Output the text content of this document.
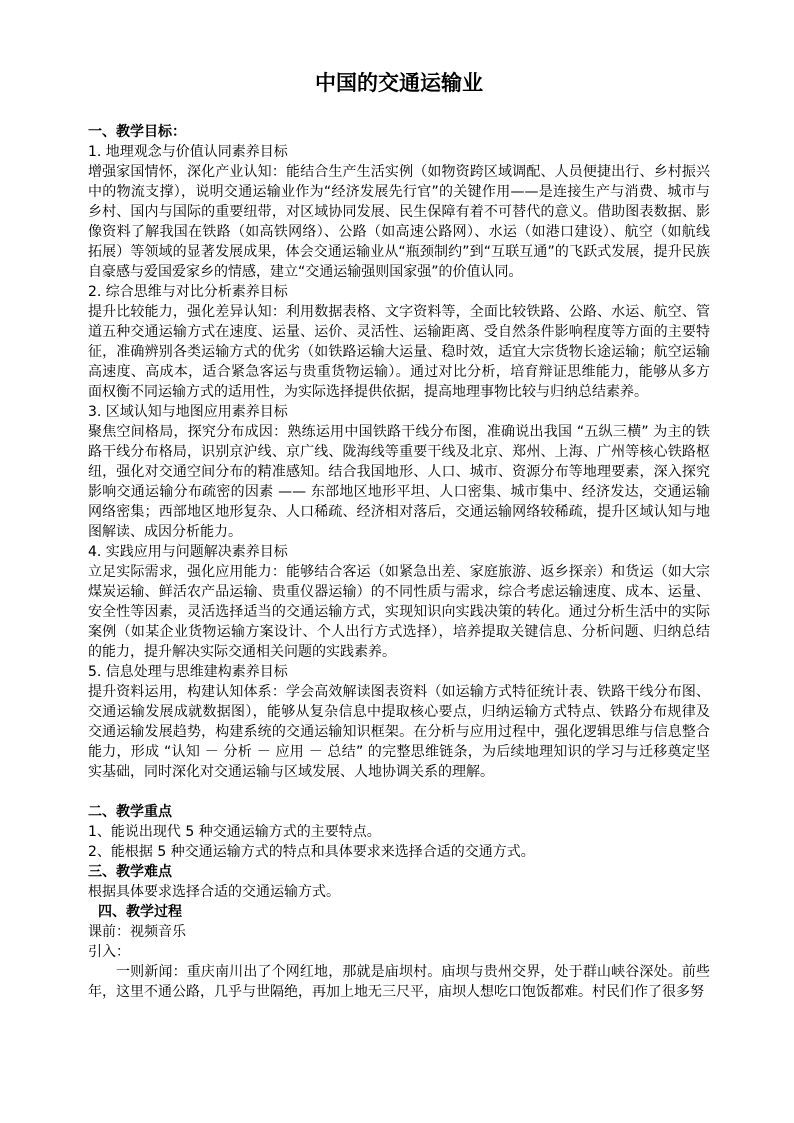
中国的交通运输业

一、教学目标：

1. 地理观念与价值认同素养目标

增强家国情怀，深化产业认知：能结合生产生活实例（如物资跨区域调配、人员便捷出行、乡村振兴中的物流支撑），说明交通运输业作为“经济发展先行官”的关键作用——是连接生产与消费、城市与乡村、国内与国际的重要纽带，对区域协同发展、民生保障有着不可替代的意义。借助图表数据、影像资料了解我国在铁路（如高铁网络）、公路（如高速公路网）、水运（如港口建设）、航空（如航线拓展）等领域的显著发展成果，体会交通运输业从“瓶颈制约”到“互联互通”的飞跃式发展，提升民族自豪感与爱国爱家乡的情感，建立“交通运输强则国家强”的价值认同。

2. 综合思维与对比分析素养目标

提升比较能力，强化差异认知：利用数据表格、文字资料等，全面比较铁路、公路、水运、航空、管道五种交通运输方式在速度、运量、运价、灵活性、运输距离、受自然条件影响程度等方面的主要特征，准确辨别各类运输方式的优劣（如铁路运输大运量、稳时效，适宜大宗货物长途运输；航空运输高速度、高成本，适合紧急客运与贵重货物运输）。通过对比分析，培育辩证思维能力，能够从多方面权衡不同运输方式的适用性，为实际选择提供依据，提高地理事物比较与归纳总结素养。

3. 区域认知与地图应用素养目标

聚焦空间格局，探究分布成因：熟练运用中国铁路干线分布图，准确说出我国 “五纵三横” 为主的铁路干线分布格局，识别京沪线、京广线、陇海线等重要干线及北京、郑州、上海、广州等核心铁路枢纽，强化对交通空间分布的精准感知。结合我国地形、人口、城市、资源分布等地理要素，深入探究影响交通运输分布疏密的因素 —— 东部地区地形平坦、人口密集、城市集中、经济发达，交通运输网络密集；西部地区地形复杂、人口稀疏、经济相对落后，交通运输网络较稀疏，提升区域认知与地图解读、成因分析能力。

4. 实践应用与问题解决素养目标

立足实际需求，强化应用能力：能够结合客运（如紧急出差、家庭旅游、返乡探亲）和货运（如大宗煤炭运输、鲜活农产品运输、贵重仪器运输）的不同性质与需求，综合考虑运输速度、成本、运量、安全性等因素，灵活选择适当的交通运输方式，实现知识向实践决策的转化。通过分析生活中的实际案例（如某企业货物运输方案设计、个人出行方式选择），培养提取关键信息、分析问题、归纳总结的能力，提升解决实际交通相关问题的实践素养。

5. 信息处理与思维建构素养目标

提升资料运用，构建认知体系：学会高效解读图表资料（如运输方式特征统计表、铁路干线分布图、交通运输发展成就数据图），能够从复杂信息中提取核心要点，归纳运输方式特点、铁路分布规律及交通运输发展趋势，构建系统的交通运输知识框架。在分析与应用过程中，强化逻辑思维与信息整合能力，形成 “认知 － 分析 － 应用 － 总结” 的完整思维链条，为后续地理知识的学习与迁移奠定坚实基础，同时深化对交通运输与区域发展、人地协调关系的理解。

二、教学重点

1、能说出现代 5 种交通运输方式的主要特点。

2、能根据 5 种交通运输方式的特点和具体要求来选择合适的交通方式。

三、教学难点

根据具体要求选择合适的交通运输方式。

四、教学过程

课前：视频音乐

引入：

一则新闻：重庆南川出了个网红地，那就是庙坝村。庙坝与贵州交界，处于群山峡谷深处。前些年，这里不通公路，几乎与世隔绝，再加上地无三尺平，庙坝人想吃口饱饭都难。村民们作了很多努
